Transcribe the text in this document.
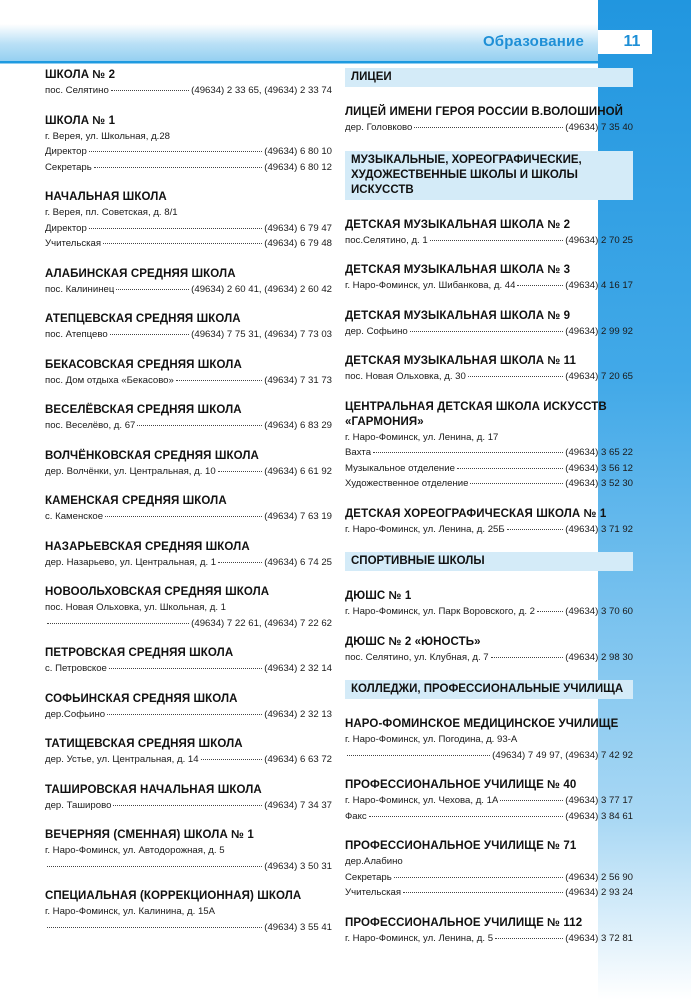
Образование	11
ШКОЛА № 2
пос. Селятино	(49634) 2 33 65, (49634) 2 33 74
ШКОЛА № 1
г. Верея, ул. Школьная, д.28
Директор	(49634) 6 80 10
Секретарь	(49634) 6 80 12
НАЧАЛЬНАЯ ШКОЛА
г. Верея, пл. Советская, д. 8/1
Директор	(49634) 6 79 47
Учительская	(49634) 6 79 48
АЛАБИНСКАЯ СРЕДНЯЯ ШКОЛА
пос. Калининец	(49634) 2 60 41, (49634) 2 60 42
АТЕПЦЕВСКАЯ СРЕДНЯЯ ШКОЛА
пос. Атепцево	(49634) 7 75 31, (49634) 7 73 03
БЕКАСОВСКАЯ СРЕДНЯЯ ШКОЛА
пос. Дом отдыха «Бекасово»	(49634) 7 31 73
ВЕСЕЛЁВСКАЯ СРЕДНЯЯ ШКОЛА
пос. Веселёво, д. 67	(49634) 6 83 29
ВОЛЧЁНКОВСКАЯ СРЕДНЯЯ ШКОЛА
дер. Волчёнки, ул. Центральная, д. 10	(49634) 6 61 92
КАМЕНСКАЯ СРЕДНЯЯ ШКОЛА
с. Каменское	(49634) 7 63 19
НАЗАРЬЕВСКАЯ СРЕДНЯЯ ШКОЛА
дер. Назарьево, ул. Центральная, д. 1	(49634) 6 74 25
НОВООЛЬХОВСКАЯ СРЕДНЯЯ ШКОЛА
пос. Новая Ольховка, ул. Школьная, д. 1
(49634) 7 22 61, (49634) 7 22 62
ПЕТРОВСКАЯ СРЕДНЯЯ ШКОЛА
с. Петровское	(49634) 2 32 14
СОФЬИНСКАЯ СРЕДНЯЯ ШКОЛА
дер.Софьино	(49634) 2 32 13
ТАТИЩЕВСКАЯ СРЕДНЯЯ ШКОЛА
дер. Устье, ул. Центральная, д. 14	(49634) 6 63 72
ТАШИРОВСКАЯ НАЧАЛЬНАЯ ШКОЛА
дер. Таширово	(49634) 7 34 37
ВЕЧЕРНЯЯ (СМЕННАЯ) ШКОЛА № 1
г. Наро-Фоминск, ул. Автодорожная, д. 5
(49634) 3 50 31
СПЕЦИАЛЬНАЯ (КОРРЕКЦИОННАЯ) ШКОЛА
г. Наро-Фоминск, ул. Калинина, д. 15А
(49634) 3 55 41
ЛИЦЕИ
ЛИЦЕЙ ИМЕНИ ГЕРОЯ РОССИИ В.ВОЛОШИНОЙ
дер. Головково	(49634) 7 35 40
МУЗЫКАЛЬНЫЕ, ХОРЕОГРАФИЧЕСКИЕ, ХУДОЖЕСТВЕННЫЕ ШКОЛЫ И ШКОЛЫ ИСКУССТВ
ДЕТСКАЯ МУЗЫКАЛЬНАЯ ШКОЛА № 2
пос.Селятино, д. 1	(49634) 2 70 25
ДЕТСКАЯ МУЗЫКАЛЬНАЯ ШКОЛА № 3
г. Наро-Фоминск, ул. Шибанкова, д. 44	(49634) 4 16 17
ДЕТСКАЯ МУЗЫКАЛЬНАЯ ШКОЛА № 9
дер. Софьино	(49634) 2 99 92
ДЕТСКАЯ МУЗЫКАЛЬНАЯ ШКОЛА № 11
пос. Новая Ольховка, д. 30	(49634) 7 20 65
ЦЕНТРАЛЬНАЯ ДЕТСКАЯ ШКОЛА ИСКУССТВ «ГАРМОНИЯ»
г. Наро-Фоминск, ул. Ленина, д. 17
Вахта	(49634) 3 65 22
Музыкальное отделение	(49634) 3 56 12
Художественное отделение	(49634) 3 52 30
ДЕТСКАЯ ХОРЕОГРАФИЧЕСКАЯ ШКОЛА № 1
г. Наро-Фоминск, ул. Ленина, д. 25Б	(49634) 3 71 92
СПОРТИВНЫЕ ШКОЛЫ
ДЮШС № 1
г. Наро-Фоминск, ул. Парк Воровского, д. 2	(49634) 3 70 60
ДЮШС № 2 «ЮНОСТЬ»
пос. Селятино, ул. Клубная, д. 7	(49634) 2 98 30
КОЛЛЕДЖИ, ПРОФЕССИОНАЛЬНЫЕ УЧИЛИЩА
НАРО-ФОМИНСКОЕ МЕДИЦИНСКОЕ УЧИЛИЩЕ
г. Наро-Фоминск, ул. Погодина, д. 93-А
(49634) 7 49 97, (49634) 7 42 92
ПРОФЕССИОНАЛЬНОЕ УЧИЛИЩЕ № 40
г. Наро-Фоминск, ул. Чехова, д. 1А	(49634) 3 77 17
Факс	(49634) 3 84 61
ПРОФЕССИОНАЛЬНОЕ УЧИЛИЩЕ № 71
дер.Алабино
Секретарь	(49634) 2 56 90
Учительская	(49634) 2 93 24
ПРОФЕССИОНАЛЬНОЕ УЧИЛИЩЕ № 112
г. Наро-Фоминск, ул. Ленина, д. 5	(49634) 3 72 81
